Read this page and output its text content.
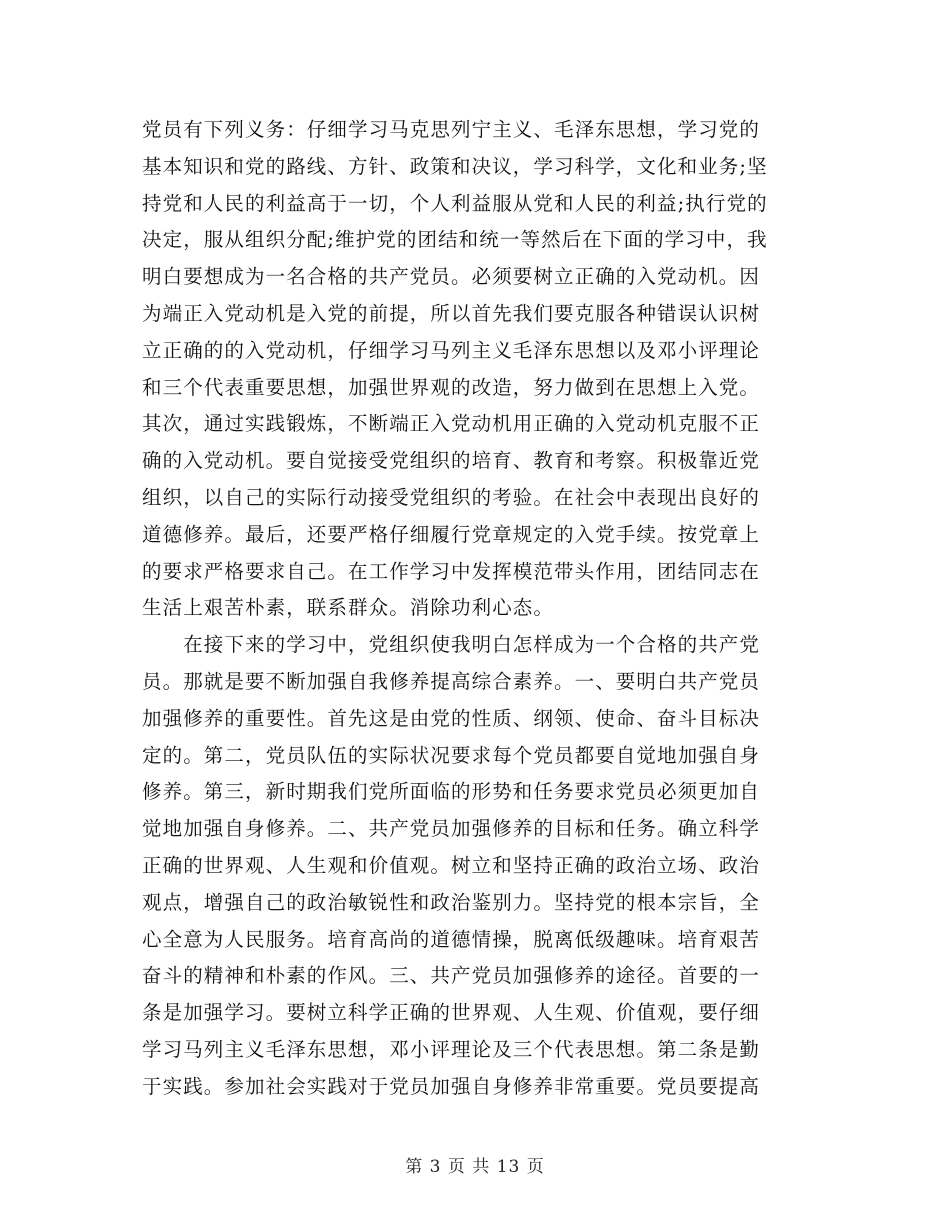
党员有下列义务：仔细学习马克思列宁主义、毛泽东思想，学习党的
基本知识和党的路线、方针、政策和决议，学习科学，文化和业务;坚
持党和人民的利益高于一切，个人利益服从党和人民的利益;执行党的
决定，服从组织分配;维护党的团结和统一等然后在下面的学习中，我
明白要想成为一名合格的共产党员。必须要树立正确的入党动机。因
为端正入党动机是入党的前提，所以首先我们要克服各种错误认识树
立正确的的入党动机，仔细学习马列主义毛泽东思想以及邓小评理论
和三个代表重要思想，加强世界观的改造，努力做到在思想上入党。
其次，通过实践锻炼，不断端正入党动机用正确的入党动机克服不正
确的入党动机。要自觉接受党组织的培育、教育和考察。积极靠近党
组织，以自己的实际行动接受党组织的考验。在社会中表现出良好的
道德修养。最后，还要严格仔细履行党章规定的入党手续。按党章上
的要求严格要求自己。在工作学习中发挥模范带头作用，团结同志在
生活上艰苦朴素，联系群众。消除功利心态。
　　在接下来的学习中，党组织使我明白怎样成为一个合格的共产党
员。那就是要不断加强自我修养提高综合素养。一、要明白共产党员
加强修养的重要性。首先这是由党的性质、纲领、使命、奋斗目标决
定的。第二，党员队伍的实际状况要求每个党员都要自觉地加强自身
修养。第三，新时期我们党所面临的形势和任务要求党员必须更加自
觉地加强自身修养。二、共产党员加强修养的目标和任务。确立科学
正确的世界观、人生观和价值观。树立和坚持正确的政治立场、政治
观点，增强自己的政治敏锐性和政治鉴别力。坚持党的根本宗旨，全
心全意为人民服务。培育高尚的道德情操，脱离低级趣味。培育艰苦
奋斗的精神和朴素的作风。三、共产党员加强修养的途径。首要的一
条是加强学习。要树立科学正确的世界观、人生观、价值观，要仔细
学习马列主义毛泽东思想，邓小评理论及三个代表思想。第二条是勤
于实践。参加社会实践对于党员加强自身修养非常重要。党员要提高
第 3 页 共 13 页
